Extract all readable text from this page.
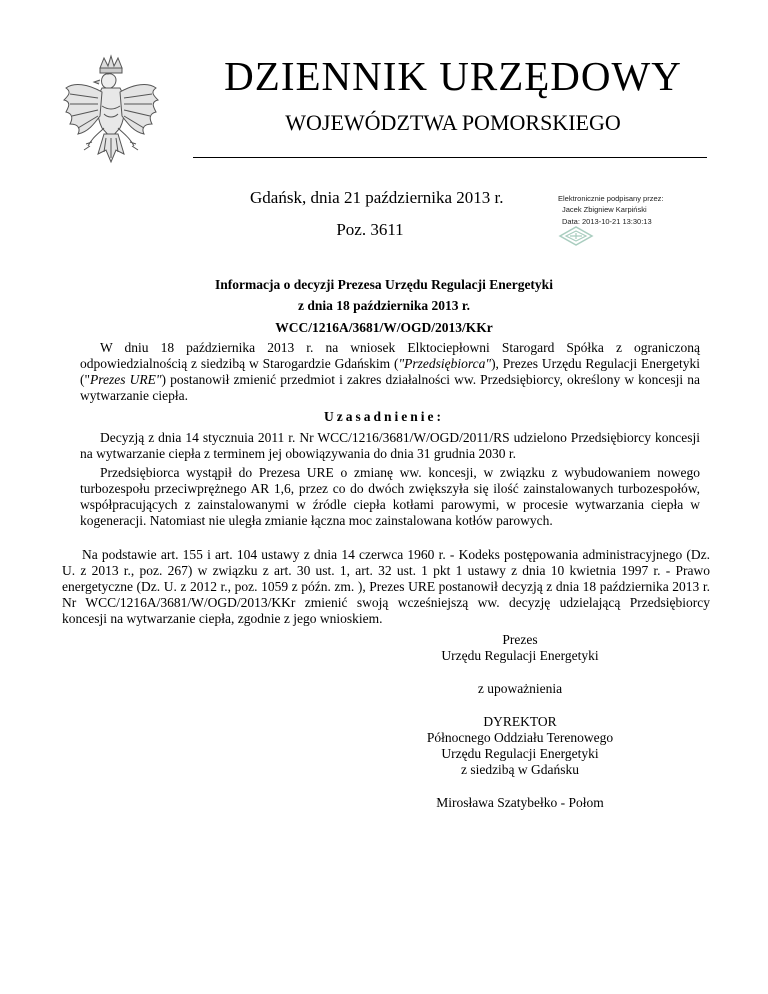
DZIENNIK URZĘDOWY
WOJEWÓDZTWA POMORSKIEGO
Gdańsk, dnia 21 października 2013 r.
Poz. 3611
Elektronicznie podpisany przez:
Jacek Zbigniew Karpiński
Data: 2013-10-21 13:30:13
Informacja o decyzji Prezesa Urzędu Regulacji Energetyki
z dnia 18 października 2013 r.
WCC/1216A/3681/W/OGD/2013/KKr

W dniu 18 października 2013 r. na wniosek Elktociepłowni Starogard Spółka z ograniczoną odpowiedzialnością z siedzibą w Starogardzie Gdańskim ("Przedsiębiorca"), Prezes Urzędu Regulacji Energetyki ("Prezes URE") postanowił zmienić przedmiot i zakres działalności ww. Przedsiębiorcy, określony w koncesji na wytwarzanie ciepła.

Uzasadnienie:

Decyzją z dnia 14 stycznuia 2011 r. Nr WCC/1216/3681/W/OGD/2011/RS udzielono Przedsiębiorcy koncesji na wytwarzanie ciepła z terminem jej obowiązywania do dnia 31 grudnia 2030 r.

Przedsiębiorca wystąpił do Prezesa URE o zmianę ww. koncesji, w związku z wybudowaniem nowego turbozespołu przeciwprężnego AR 1,6, przez co do dwóch zwiększyła się ilość zainstalowanych turbozespołów, współpracujących z zainstalowanymi w źródle ciepła kotłami parowymi, w procesie wytwarzania ciepła w kogeneracji. Natomiast nie uległa zmianie łączna moc zainstalowana kotłów parowych.

Na podstawie art. 155 i art. 104 ustawy z dnia 14 czerwca 1960 r. - Kodeks postępowania administracyjnego (Dz. U. z 2013 r., poz. 267) w związku z art. 30 ust. 1, art. 32 ust. 1 pkt 1 ustawy z dnia 10 kwietnia 1997 r. - Prawo energetyczne (Dz. U. z 2012 r., poz. 1059 z późn. zm. ), Prezes URE postanowił decyzją z dnia 18 października 2013 r. Nr WCC/1216A/3681/W/OGD/2013/KKr zmienić swoją wcześniejszą ww. decyzję udzielającą Przedsiębiorcy koncesji na wytwarzanie ciepła, zgodnie z jego wnioskiem.

Prezes
Urzędu Regulacji Energetyki
z upoważnienia
DYREKTOR
Północnego Oddziału Terenowego
Urzędu Regulacji Energetyki
z siedzibą w Gdańsku
Mirosława Szatybełko - Połom
